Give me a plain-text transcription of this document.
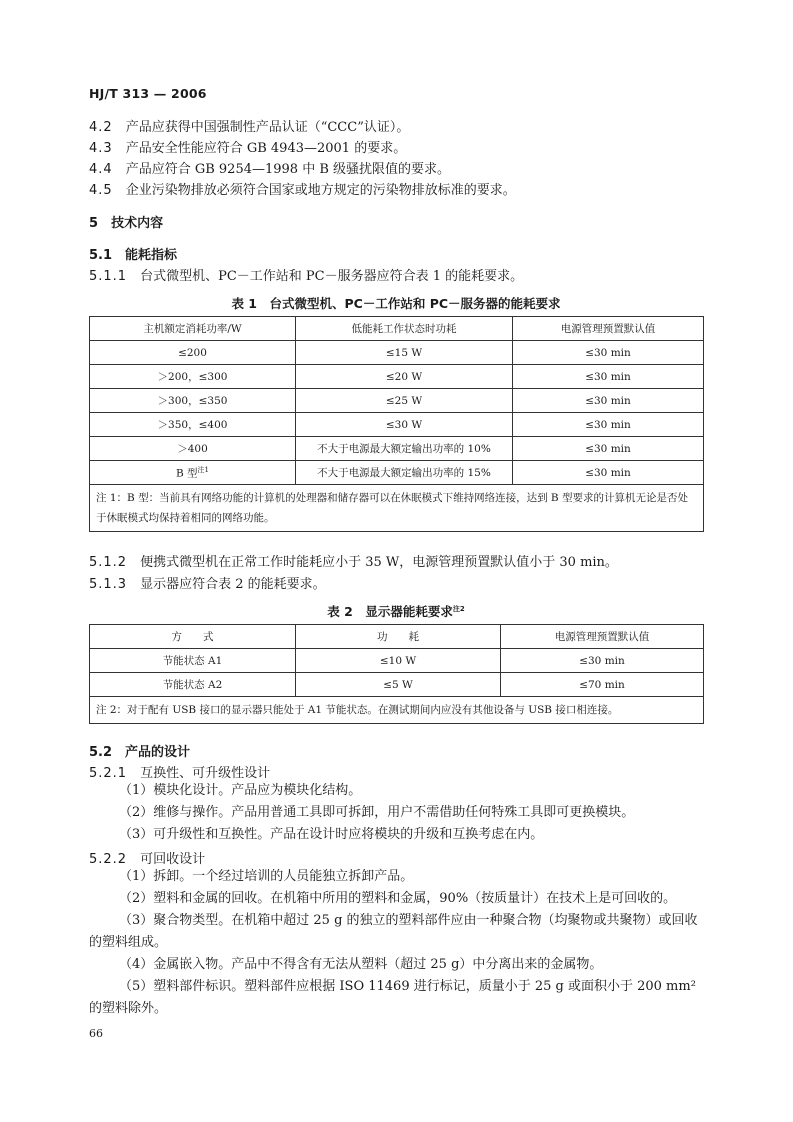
HJ/T 313 — 2006
4.2　 产品应获得中国强制性产品认证（“CCC”认证）。
4.3　 产品安全性能应符合 GB 4943—2001 的要求。
4.4　 产品应符合 GB 9254—1998 中 B 级骚扰限值的要求。
4.5　 企业污染物排放必须符合国家或地方规定的污染物排放标准的要求。
5　 技术内容
5.1　 能耗指标
5.1.1　 台式微型机、PC－工作站和 PC－服务器应符合表 1 的能耗要求。
表 1　台式微型机、PC－工作站和 PC－服务器的能耗要求
主机额定消耗功率/W	低能耗工作状态时功耗	电源管理预置默认值
≤200	≤15 W	≤30 min
＞200，≤300	≤20 W	≤30 min
＞300，≤350	≤25 W	≤30 min
＞350，≤400	≤30 W	≤30 min
＞400	不大于电源最大额定输出功率的 10%	≤30 min
B 型$^{注1}$	不大于电源最大额定输出功率的 15%	≤30 min
注 1：B 型：当前具有网络功能的计算机的处理器和储存器可以在休眠模式下维持网络连接，达到 B 型要求的计算机无论是否处于休眠模式均保持着相同的网络功能。		
5.1.2　 便携式微型机在正常工作时能耗应小于 35 W，电源管理预置默认值小于 30 min。
5.1.3　 显示器应符合表 2 的能耗要求。
表 2　显示器能耗要求$^{注2}$
方　　式	功　　耗	电源管理预置默认值
节能状态 A1	≤10 W	≤30 min
节能状态 A2	≤5 W	≤70 min
注 2：对于配有 USB 接口的显示器只能处于 A1 节能状态。在测试期间内应没有其他设备与 USB 接口相连接。		
5.2　 产品的设计
5.2.1　 互换性、可升级性设计
（1）模块化设计。产品应为模块化结构。
（2）维修与操作。产品用普通工具即可拆卸，用户不需借助任何特殊工具即可更换模块。
（3）可升级性和互换性。产品在设计时应将模块的升级和互换考虑在内。
5.2.2　 可回收设计
（1）拆卸。一个经过培训的人员能独立拆卸产品。
（2）塑料和金属的回收。在机箱中所用的塑料和金属，90%（按质量计）在技术上是可回收的。
（3）聚合物类型。在机箱中超过 25 g 的独立的塑料部件应由一种聚合物（均聚物或共聚物）或回收的塑料组成。
（4）金属嵌入物。产品中不得含有无法从塑料（超过 25 g）中分离出来的金属物。
（5）塑料部件标识。塑料部件应根据 ISO 11469 进行标记，质量小于 25 g 或面积小于 200 mm² 的塑料除外。
66
